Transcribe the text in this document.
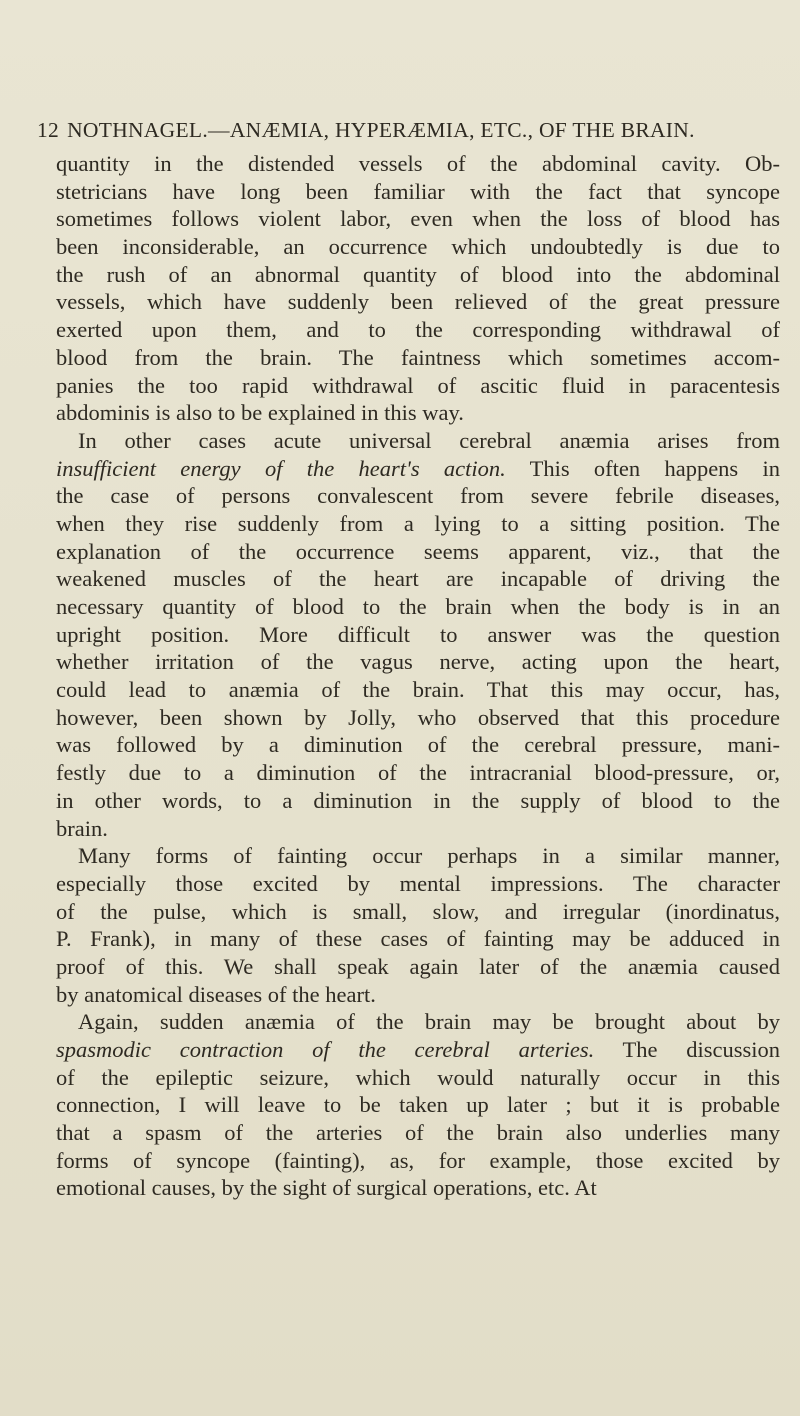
12 NOTHNAGEL.—ANÆMIA, HYPERÆMIA, ETC., OF THE BRAIN.
quantity in the distended vessels of the abdominal cavity. Ob-
stetricians have long been familiar with the fact that syncope
sometimes follows violent labor, even when the loss of blood has
been inconsiderable, an occurrence which undoubtedly is due to
the rush of an abnormal quantity of blood into the abdominal
vessels, which have suddenly been relieved of the great pressure
exerted upon them, and to the corresponding withdrawal of
blood from the brain. The faintness which sometimes accom-
panies the too rapid withdrawal of ascitic fluid in paracentesis
abdominis is also to be explained in this way.
In other cases acute universal cerebral anæmia arises from
insufficient energy of the heart's action. This often happens in
the case of persons convalescent from severe febrile diseases,
when they rise suddenly from a lying to a sitting position. The
explanation of the occurrence seems apparent, viz., that the
weakened muscles of the heart are incapable of driving the
necessary quantity of blood to the brain when the body is in an
upright position. More difficult to answer was the question
whether irritation of the vagus nerve, acting upon the heart,
could lead to anæmia of the brain. That this may occur, has,
however, been shown by Jolly, who observed that this procedure
was followed by a diminution of the cerebral pressure, mani-
festly due to a diminution of the intracranial blood-pressure, or,
in other words, to a diminution in the supply of blood to the
brain.
Many forms of fainting occur perhaps in a similar manner,
especially those excited by mental impressions. The character
of the pulse, which is small, slow, and irregular (inordinatus,
P. Frank), in many of these cases of fainting may be adduced in
proof of this. We shall speak again later of the anæmia caused
by anatomical diseases of the heart.
Again, sudden anæmia of the brain may be brought about by
spasmodic contraction of the cerebral arteries. The discussion
of the epileptic seizure, which would naturally occur in this
connection, I will leave to be taken up later ; but it is probable
that a spasm of the arteries of the brain also underlies many
forms of syncope (fainting), as, for example, those excited by
emotional causes, by the sight of surgical operations, etc. At
